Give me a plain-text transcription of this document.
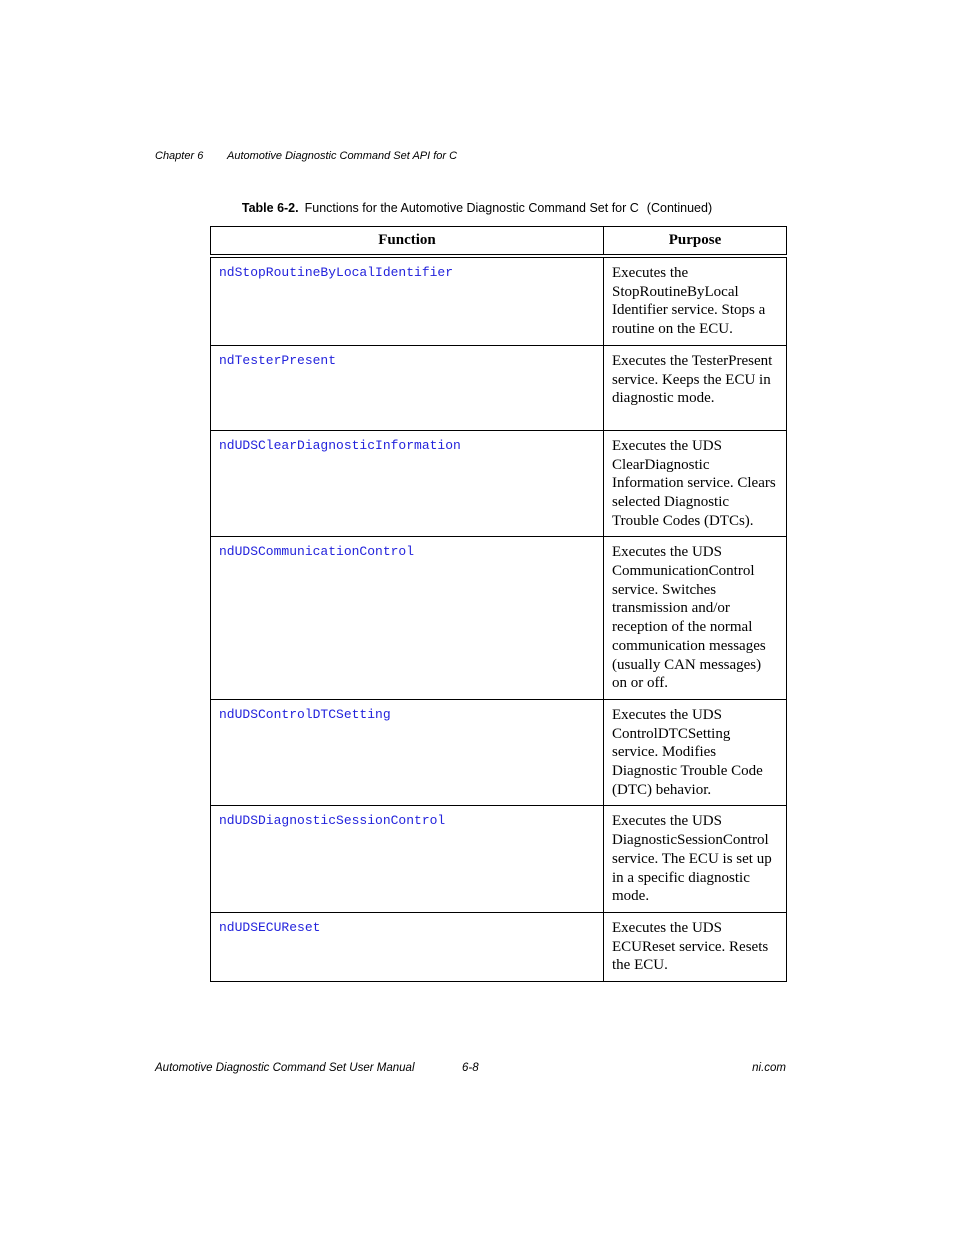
Chapter 6 Automotive Diagnostic Command Set API for C
Table 6-2. Functions for the Automotive Diagnostic Command Set for C (Continued)
Function	Purpose
ndStopRoutineByLocalIdentifier	Executes the StopRoutineByLocal Identifier service. Stops a routine on the ECU.
ndTesterPresent	Executes the TesterPresent service. Keeps the ECU in diagnostic mode.
ndUDSClearDiagnosticInformation	Executes the UDS ClearDiagnostic Information service. Clears selected Diagnostic Trouble Codes (DTCs).
ndUDSCommunicationControl	Executes the UDS CommunicationControl service. Switches transmission and/or reception of the normal communication messages (usually CAN messages) on or off.
ndUDSControlDTCSetting	Executes the UDS ControlDTCSetting service. Modifies Diagnostic Trouble Code (DTC) behavior.
ndUDSDiagnosticSessionControl	Executes the UDS DiagnosticSessionControl service. The ECU is set up in a specific diagnostic mode.
ndUDSECUReset	Executes the UDS ECUReset service. Resets the ECU.
Automotive Diagnostic Command Set User Manual	6-8	ni.com
